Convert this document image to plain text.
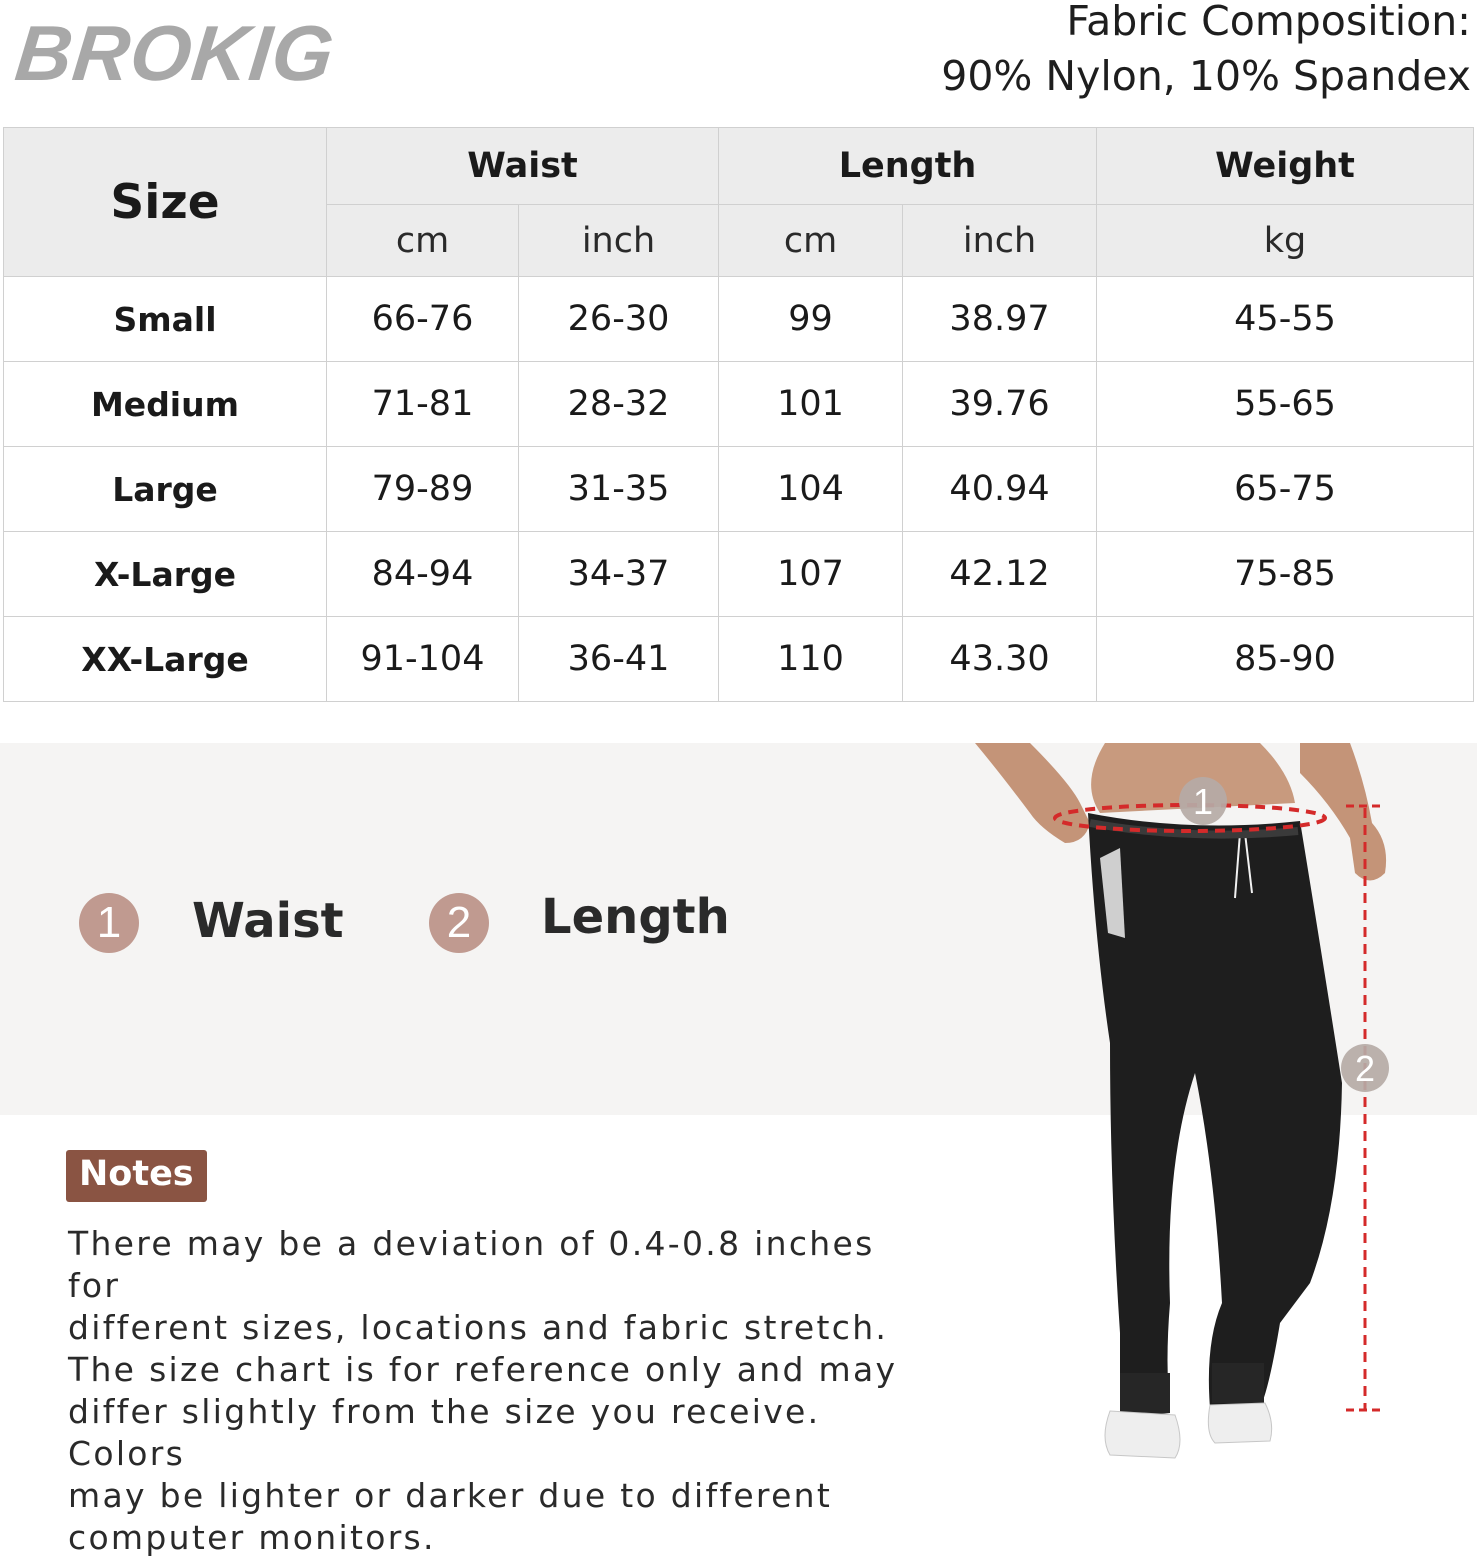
BROKIG	Fabric Composition:
90% Nylon, 10% Spandex
Size	Waist		Length		Weight
	cm	inch	cm	inch	kg
Small	66-76	26-30	99	38.97	45-55
Medium	71-81	28-32	101	39.76	55-65
Large	79-89	31-35	104	40.94	65-75
X-Large	84-94	34-37	107	42.12	75-85
XX-Large	91-104	36-41	110	43.30	85-90
1	Waist	2	Length
Notes
There may be a deviation of 0.4-0.8 inches for
different sizes, locations and fabric stretch.
The size chart is for reference only and may
differ slightly from the size you receive. Colors
may be lighter or darker due to different
computer monitors.
1
2
